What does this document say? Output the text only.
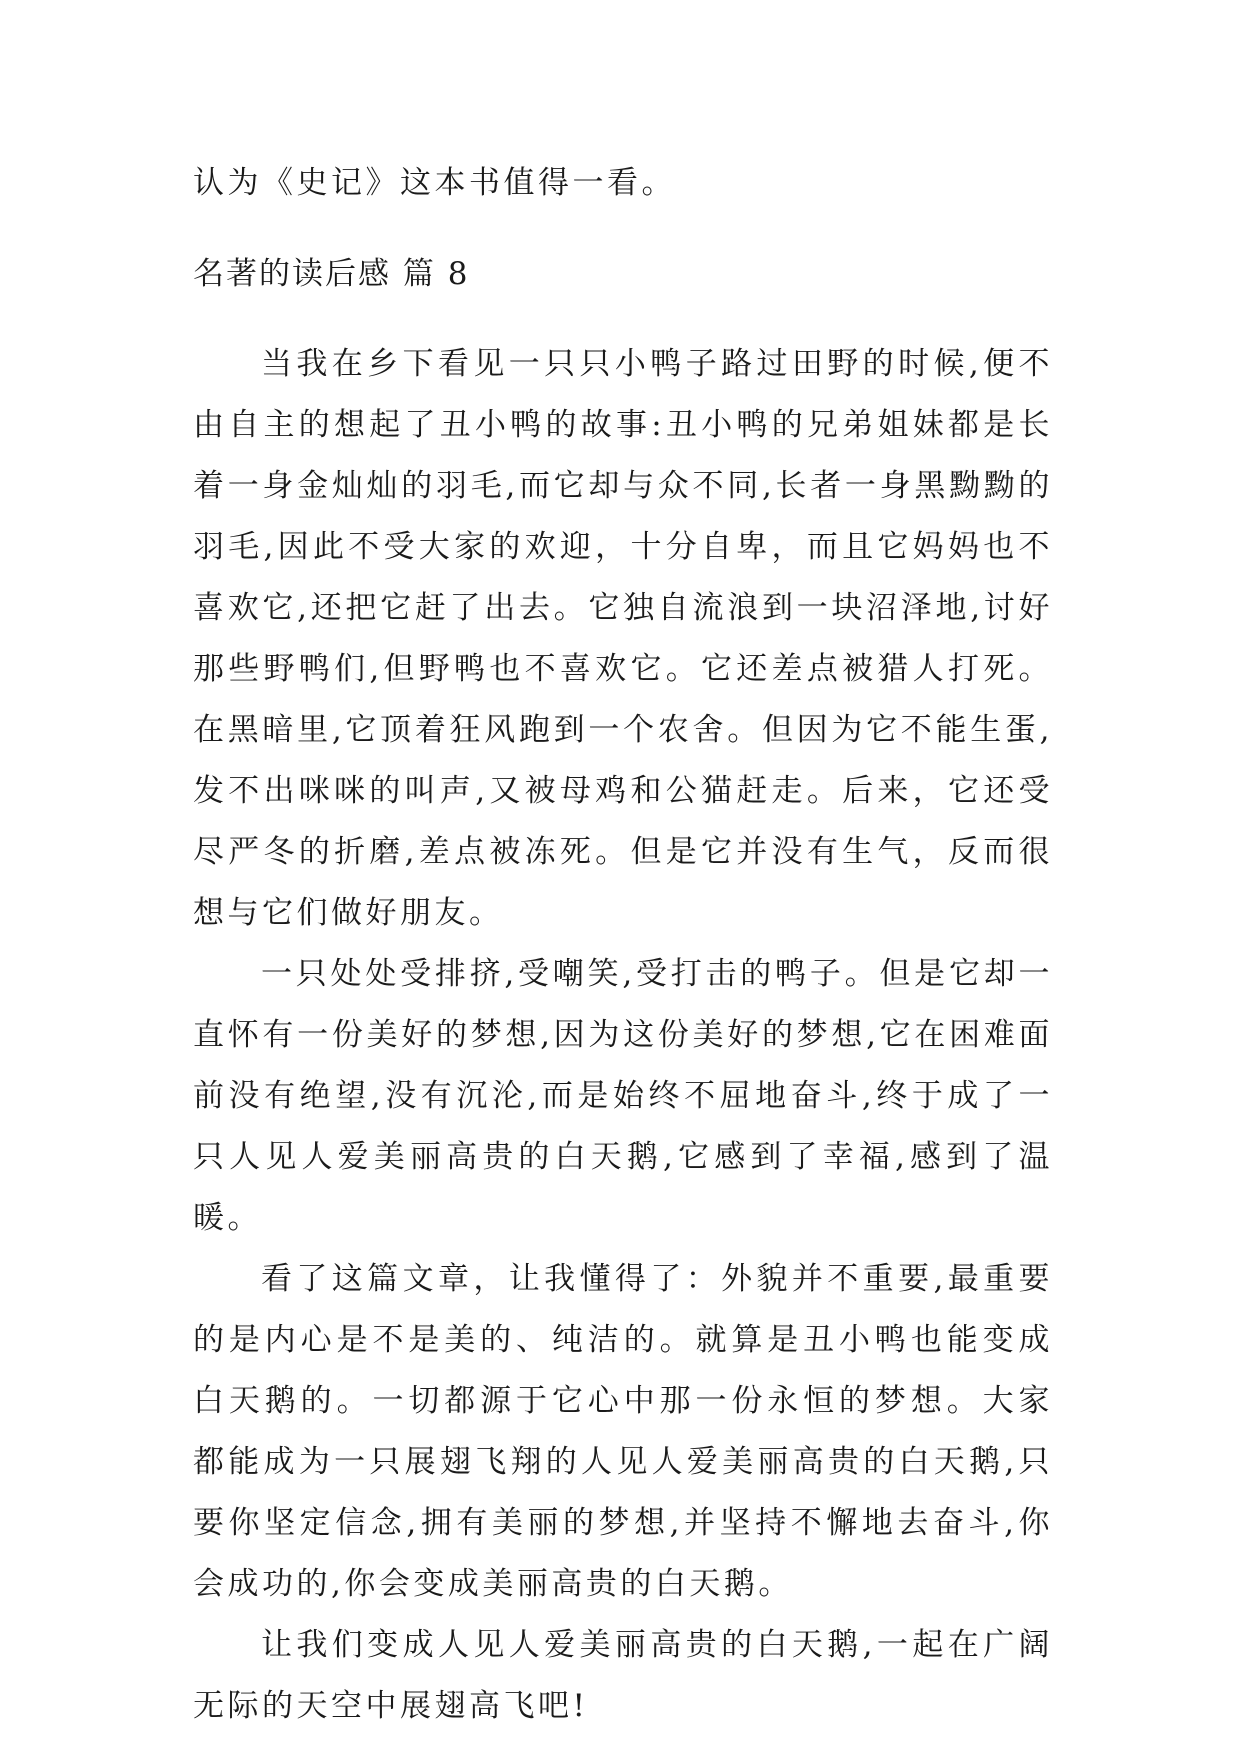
认为《史记》这本书值得一看。

名著的读后感 篇 8

当我在乡下看见一只只小鸭子路过田野的时候,便不由自主的想起了丑小鸭的故事:丑小鸭的兄弟姐妹都是长着一身金灿灿的羽毛,而它却与众不同,长者一身黑黝黝的羽毛,因此不受大家的欢迎，十分自卑，而且它妈妈也不喜欢它,还把它赶了出去。它独自流浪到一块沼泽地,讨好那些野鸭们,但野鸭也不喜欢它。它还差点被猎人打死。在黑暗里,它顶着狂风跑到一个农舍。但因为它不能生蛋,发不出咪咪的叫声,又被母鸡和公猫赶走。后来，它还受尽严冬的折磨,差点被冻死。但是它并没有生气，反而很想与它们做好朋友。

一只处处受排挤,受嘲笑,受打击的鸭子。但是它却一直怀有一份美好的梦想,因为这份美好的梦想,它在困难面前没有绝望,没有沉沦,而是始终不屈地奋斗,终于成了一只人见人爱美丽高贵的白天鹅,它感到了幸福,感到了温暖。

看了这篇文章，让我懂得了：外貌并不重要,最重要的是内心是不是美的、纯洁的。就算是丑小鸭也能变成白天鹅的。一切都源于它心中那一份永恒的梦想。大家都能成为一只展翅飞翔的人见人爱美丽高贵的白天鹅,只要你坚定信念,拥有美丽的梦想,并坚持不懈地去奋斗,你会成功的,你会变成美丽高贵的白天鹅。

让我们变成人见人爱美丽高贵的白天鹅,一起在广阔无际的天空中展翅高飞吧!
